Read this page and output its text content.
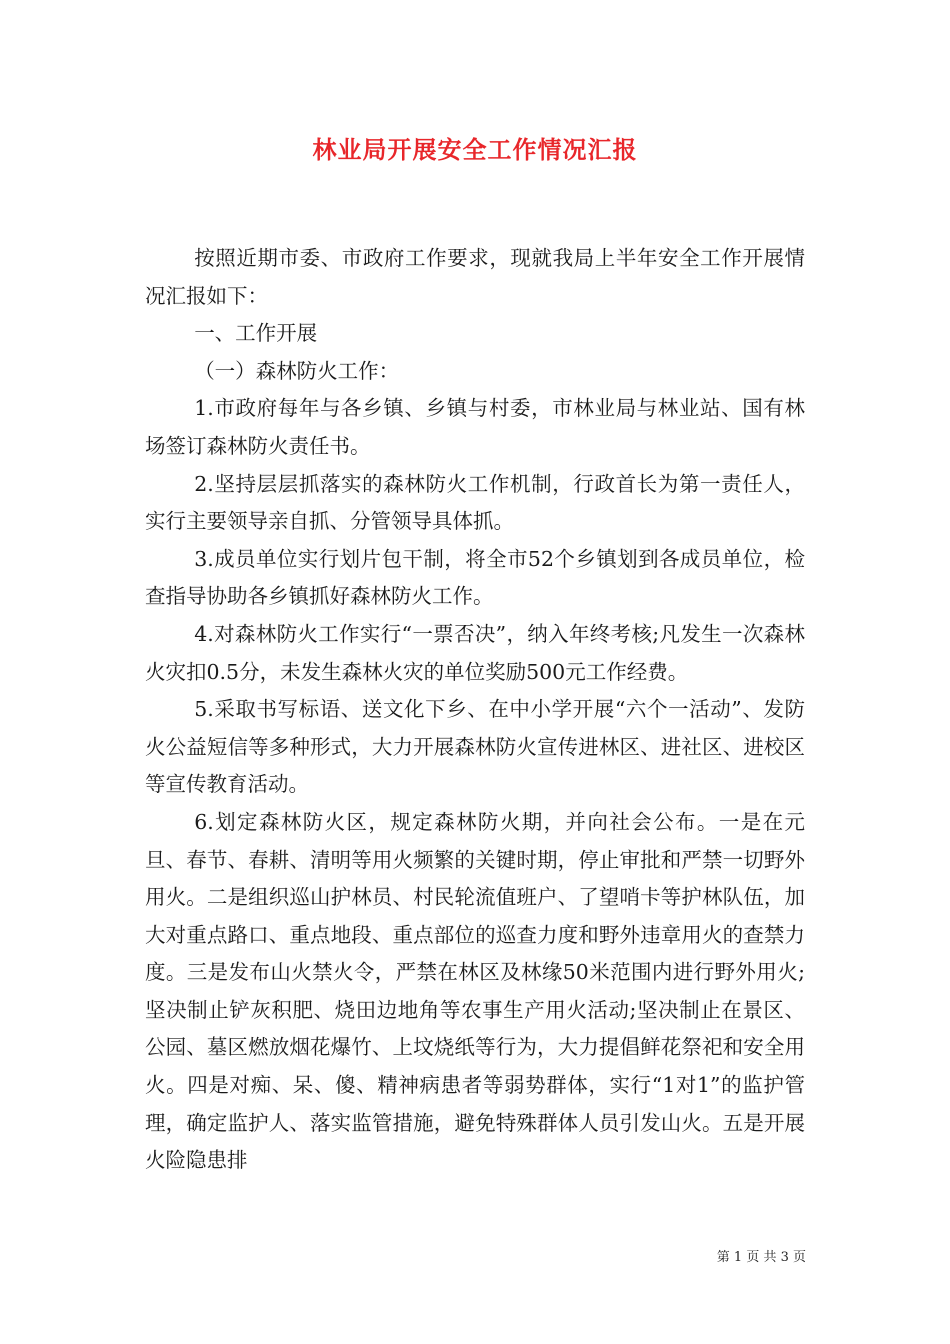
林业局开展安全工作情况汇报

按照近期市委、市政府工作要求，现就我局上半年安全工作开展情况汇报如下：

一、工作开展

（一）森林防火工作：

1.市政府每年与各乡镇、乡镇与村委，市林业局与林业站、国有林场签订森林防火责任书。

2.坚持层层抓落实的森林防火工作机制，行政首长为第一责任人，实行主要领导亲自抓、分管领导具体抓。

3.成员单位实行划片包干制，将全市52个乡镇划到各成员单位，检查指导协助各乡镇抓好森林防火工作。

4.对森林防火工作实行“一票否决”，纳入年终考核;凡发生一次森林火灾扣0.5分，未发生森林火灾的单位奖励500元工作经费。

5.采取书写标语、送文化下乡、在中小学开展“六个一活动”、发防火公益短信等多种形式，大力开展森林防火宣传进林区、进社区、进校区等宣传教育活动。

6.划定森林防火区，规定森林防火期，并向社会公布。一是在元旦、春节、春耕、清明等用火频繁的关键时期，停止审批和严禁一切野外用火。二是组织巡山护林员、村民轮流值班户、了望哨卡等护林队伍，加大对重点路口、重点地段、重点部位的巡查力度和野外违章用火的查禁力度。三是发布山火禁火令，严禁在林区及林缘50米范围内进行野外用火;坚决制止铲灰积肥、烧田边地角等农事生产用火活动;坚决制止在景区、公园、墓区燃放烟花爆竹、上坟烧纸等行为，大力提倡鲜花祭祀和安全用火。四是对痴、呆、傻、精神病患者等弱势群体，实行“1对1”的监护管理，确定监护人、落实监管措施，避免特殊群体人员引发山火。五是开展火险隐患排

第 1 页 共 3 页
